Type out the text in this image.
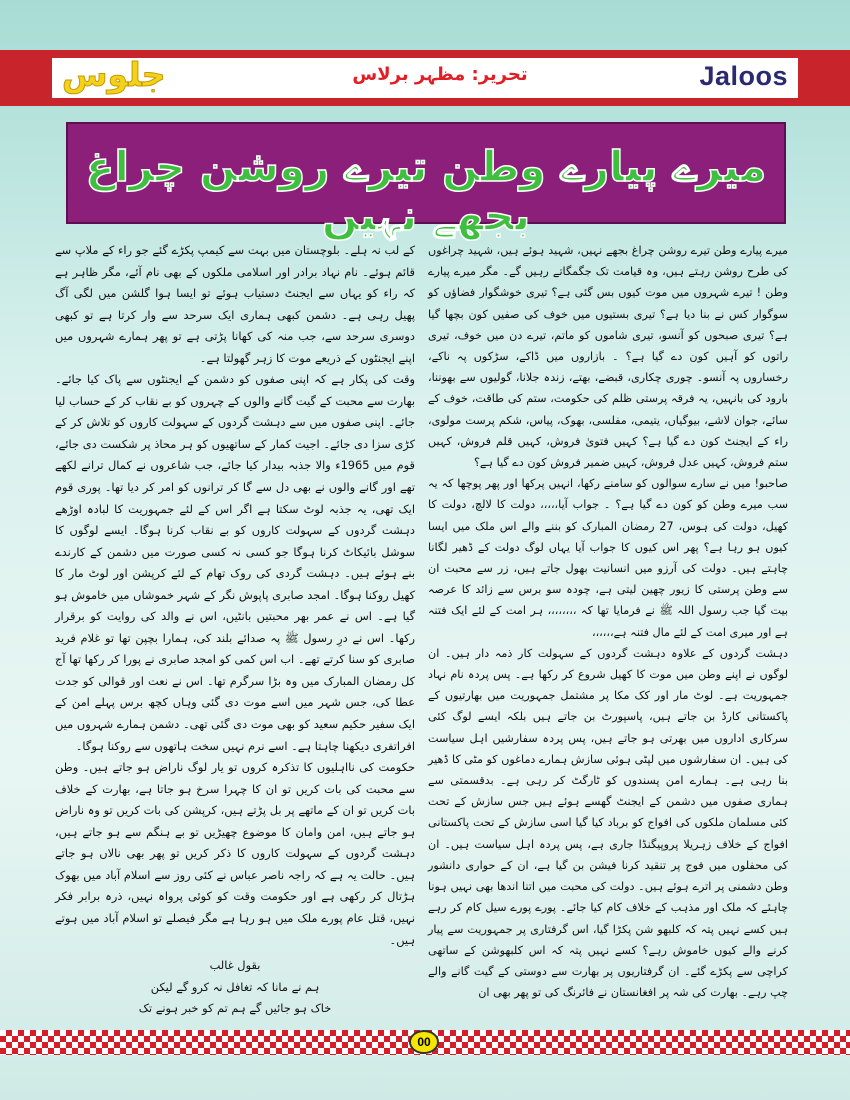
جلوس	تحریر: مظہر برلاس	Jaloos
میرے پیارے وطن تیرے روشن چراغ بجھے نہیں

میرے پیارے وطن تیرے روشن چراغ بجھے نہیں، شہید ہوئے ہیں، شہید چراغوں کی طرح روشن رہتے ہیں، وہ قیامت تک جگمگاتے رہیں گے۔ مگر میرے پیارے وطن ! تیرے شہروں میں موت کیوں بس گئی ہے؟ تیری خوشگوار فضاؤں کو سوگوار کس نے بنا دیا ہے؟ تیری بستیوں میں خوف کی صفیں کون بچھا گیا ہے؟ تیری صبحوں کو آنسو، تیری شاموں کو ماتم، تیرے دن میں خوف، تیری راتوں کو آہیں کون دے گیا ہے؟ ۔ بازاروں میں ڈاکے، سڑکوں پہ ناکے، رخساروں پہ آنسو۔ چوری چکاری، قبضے، بھتے، زندہ جلانا، گولیوں سے بھوننا، بارود کی بانہیں، یہ فرقہ پرستی ظلم کی حکومت، ستم کی طاقت، خوف کے سائے، جوان لاشے، بیوگیاں، یتیمی، مفلسی، بھوک، پیاس، شکم پرست مولوی، راء کے ایجنٹ کون دے گیا ہے؟ کہیں فتویٰ فروش، کہیں قلم فروش، کہیں ستم فروش، کہیں عدل فروش، کہیں ضمیر فروش کون دے گیا ہے؟

صاحبو! میں نے سارے سوالوں کو سامنے رکھا، انہیں پرکھا اور پھر پوچھا کہ یہ سب میرے وطن کو کون دے گیا ہے؟ ۔ جواب آیا،،،،، دولت کا لالچ، دولت کا کھیل، دولت کی ہوس، 27 رمضان المبارک کو بننے والے اس ملک میں ایسا کیوں ہو رہا ہے؟ پھر اس کیوں کا جواب آیا یہاں لوگ دولت کے ڈھیر لگانا چاہتے ہیں۔ دولت کی آرزو میں انسانیت بھول جاتے ہیں، زر سے محبت ان سے وطن پرستی کا زیور چھین لیتی ہے، چودہ سو برس سے زائد کا عرصہ بیت گیا جب رسول اللہ ﷺ نے فرمایا تھا کہ ،،،،،،،، ہر امت کے لئے ایک فتنہ ہے اور میری امت کے لئے مال فتنہ ہے،،،،،،

دہشت گردوں کے علاوہ دہشت گردوں کے سہولت کار ذمہ دار ہیں۔ ان لوگوں نے اپنے وطن میں موت کا کھیل شروع کر رکھا ہے۔ پس پردہ نام نہاد جمہوریت ہے۔ لوٹ مار اور کک مکا پر مشتمل جمہوریت میں بھارتیوں کے پاکستانی کارڈ بن جاتے ہیں، پاسپورٹ بن جاتے ہیں بلکہ ایسے لوگ کئی سرکاری اداروں میں بھرتی ہو جاتے ہیں، پس پردہ سفارشیں اہل سیاست کی ہیں۔ ان سفارشوں میں لپٹی ہوئی سازش ہمارے دماغوں کو مٹی کا ڈھیر بنا رہی ہے۔ ہمارے امن پسندوں کو ٹارگٹ کر رہی ہے۔ بدقسمتی سے ہماری صفوں میں دشمن کے ایجنٹ گھسے ہوئے ہیں جس سازش کے تحت کئی مسلمان ملکوں کی افواج کو برباد کیا گیا اسی سازش کے تحت پاکستانی افواج کے خلاف زہریلا پروپیگنڈا جاری ہے، پس پردہ اہل سیاست ہیں۔ ان کی محفلوں میں فوج پر تنقید کرنا فیشن بن گیا ہے، ان کے حواری دانشور وطن دشمنی پر اترے ہوئے ہیں۔ دولت کی محبت میں اتنا اندھا بھی نہیں ہونا چاہئے کہ ملک اور مذہب کے خلاف کام کیا جائے۔ پورے پورے سیل کام کر رہے ہیں کسے نہیں پتہ کہ کلبھو شن پکڑا گیا، اس گرفتاری پر جمہوریت سے پیار کرنے والے کیوں خاموش رہے؟ کسے نہیں پتہ کہ اس کلبھوشن کے ساتھی کراچی سے پکڑے گئے۔ ان گرفتاریوں پر بھارت سے دوستی کے گیت گانے والے چپ رہے۔ بھارت کی شہ پر افغانستان نے فائرنگ کی تو پھر بھی ان

کے لب نہ ہلے۔ بلوچستان میں بہت سے کیمپ پکڑے گئے جو راء کے ملاپ سے قائم ہوئے۔ نام نہاد برادر اور اسلامی ملکوں کے بھی نام آئے، مگر ظاہر ہے کہ راء کو یہاں سے ایجنٹ دستیاب ہوئے تو ایسا ہوا گلشن میں لگی آگ پھیل رہی ہے۔ دشمن کبھی ہماری ایک سرحد سے وار کرتا ہے تو کبھی دوسری سرحد سے، جب منہ کی کھانا پڑتی ہے تو پھر ہمارے شہروں میں اپنے ایجنٹوں کے ذریعے موت کا زہر گھولتا ہے۔

وقت کی پکار ہے کہ اپنی صفوں کو دشمن کے ایجنٹوں سے پاک کیا جائے۔ بھارت سے محبت کے گیت گانے والوں کے چہروں کو بے نقاب کر کے حساب لیا جائے۔ اپنی صفوں میں سے دہشت گردوں کے سہولت کاروں کو تلاش کر کے کڑی سزا دی جائے۔ اجیت کمار کے ساتھیوں کو ہر محاذ پر شکست دی جائے، قوم میں 1965ء والا جذبہ بیدار کیا جائے، جب شاعروں نے کمال ترانے لکھے تھے اور گانے والوں نے بھی دل سے گا کر ترانوں کو امر کر دیا تھا۔ پوری قوم ایک تھی، یہ جذبہ لوٹ سکتا ہے اگر اس کے لئے جمہوریت کا لبادہ اوڑھے دہشت گردوں کے سہولت کاروں کو بے نقاب کرنا ہوگا۔ ایسے لوگوں کا سوشل بائیکاٹ کرنا ہوگا جو کسی نہ کسی صورت میں دشمن کے کارندے بنے ہوئے ہیں۔ دہشت گردی کی روک تھام کے لئے کرپشن اور لوٹ مار کا کھیل روکنا ہوگا۔ امجد صابری پاپوش نگر کے شہر خموشاں میں خاموش ہو گیا ہے۔ اس نے عمر بھر محبتیں بانٹیں، اس نے والد کی روایت کو برقرار رکھا۔ اس نے درِ رسول ﷺ پہ صدائے بلند کی، ہمارا بچپن تھا تو غلام فرید صابری کو سنا کرتے تھے۔ اب اس کمی کو امجد صابری نے پورا کر رکھا تھا آج کل رمضان المبارک میں وہ بڑا سرگرم تھا۔ اس نے نعت اور قوالی کو جدت عطا کی، جس شہر میں اسے موت دی گئی وہاں کچھ برس پہلے امن کے ایک سفیر حکیم سعید کو بھی موت دی گئی تھی۔ دشمن ہمارے شہروں میں افراتفری دیکھنا چاہتا ہے۔ اسے نرم نہیں سخت ہاتھوں سے روکنا ہوگا۔

حکومت کی نااہلیوں کا تذکرہ کروں تو یار لوگ ناراض ہو جاتے ہیں۔ وطن سے محبت کی بات کریں تو ان کا چہرا سرخ ہو جاتا ہے، بھارت کے خلاف بات کریں تو ان کے ماتھے پر بل پڑتے ہیں، کرپشن کی بات کریں تو وہ ناراض ہو جاتے ہیں، امن وامان کا موضوع چھیڑیں تو بے ہنگم سے ہو جاتے ہیں، دہشت گردوں کے سہولت کاروں کا ذکر کریں تو پھر بھی نالاں ہو جاتے ہیں۔ حالت یہ ہے کہ راجہ ناصر عباس نے کئی روز سے اسلام آباد میں بھوک ہڑتال کر رکھی ہے اور حکومت وقت کو کوئی پرواہ نہیں، ذرہ برابر فکر نہیں، قتل عام پورے ملک میں ہو رہا ہے مگر فیصلے تو اسلام آباد میں ہوتے ہیں۔

بقول غالب
ہم نے مانا کہ تغافل نہ کرو گے لیکن
خاک ہو جائیں گے ہم تم کو خبر ہونے تک
00
